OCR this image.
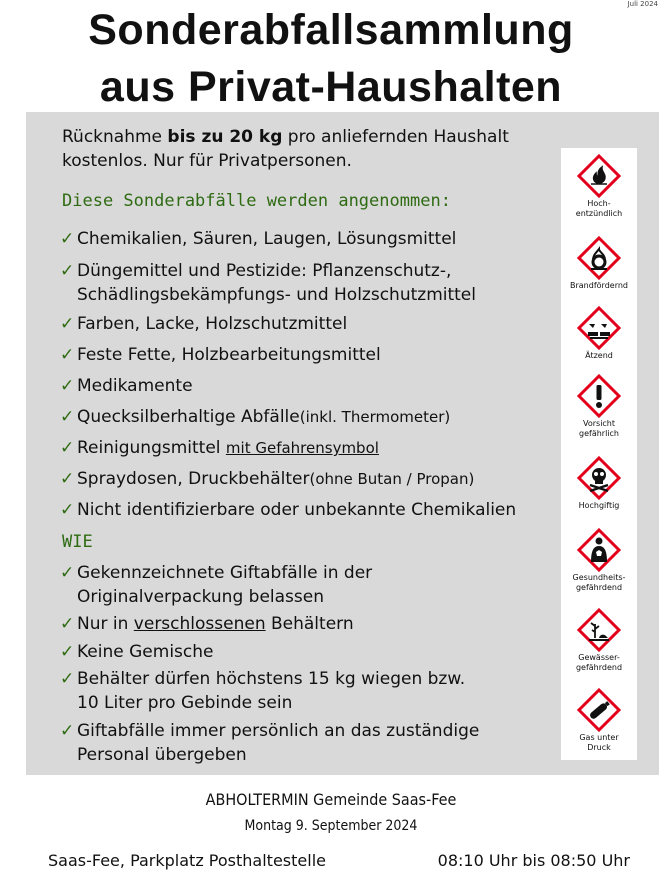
Juli 2024
Sonderabfallsammlung
aus Privat-Haushalten
Rücknahme bis zu 20 kg pro anliefernden Haushalt
kostenlos. Nur für Privatpersonen.
Diese Sonderabfälle werden angenommen:
✓ Chemikalien, Säuren, Laugen, Lösungsmittel
✓ Düngemittel und Pestizide: Pflanzenschutz-,
Schädlingsbekämpfungs- und Holzschutzmittel
✓ Farben, Lacke, Holzschutzmittel
✓ Feste Fette, Holzbearbeitungsmittel
✓ Medikamente
✓ Quecksilberhaltige Abfälle(inkl. Thermometer)
✓ Reinigungsmittel mit Gefahrensymbol
✓ Spraydosen, Druckbehälter(ohne Butan / Propan)
✓ Nicht identifizierbare oder unbekannte Chemikalien
WIE
✓ Gekennzeichnete Giftabfälle in der
Originalverpackung belassen
✓ Nur in verschlossenen Behältern
✓ Keine Gemische
✓ Behälter dürfen höchstens 15 kg wiegen bzw.
10 Liter pro Gebinde sein
✓ Giftabfälle immer persönlich an das zuständige
Personal übergeben
Hoch-
entzündlich
Brandfördernd
Ätzend
Vorsicht
gefährlich
Hochgiftig
Gesundheits-
gefährdend
Gewässer-
gefährdend
Gas unter
Druck
ABHOLTERMIN Gemeinde Saas-Fee
Montag 9. September 2024
Saas-Fee, Parkplatz Posthaltestelle	08:10 Uhr bis 08:50 Uhr
